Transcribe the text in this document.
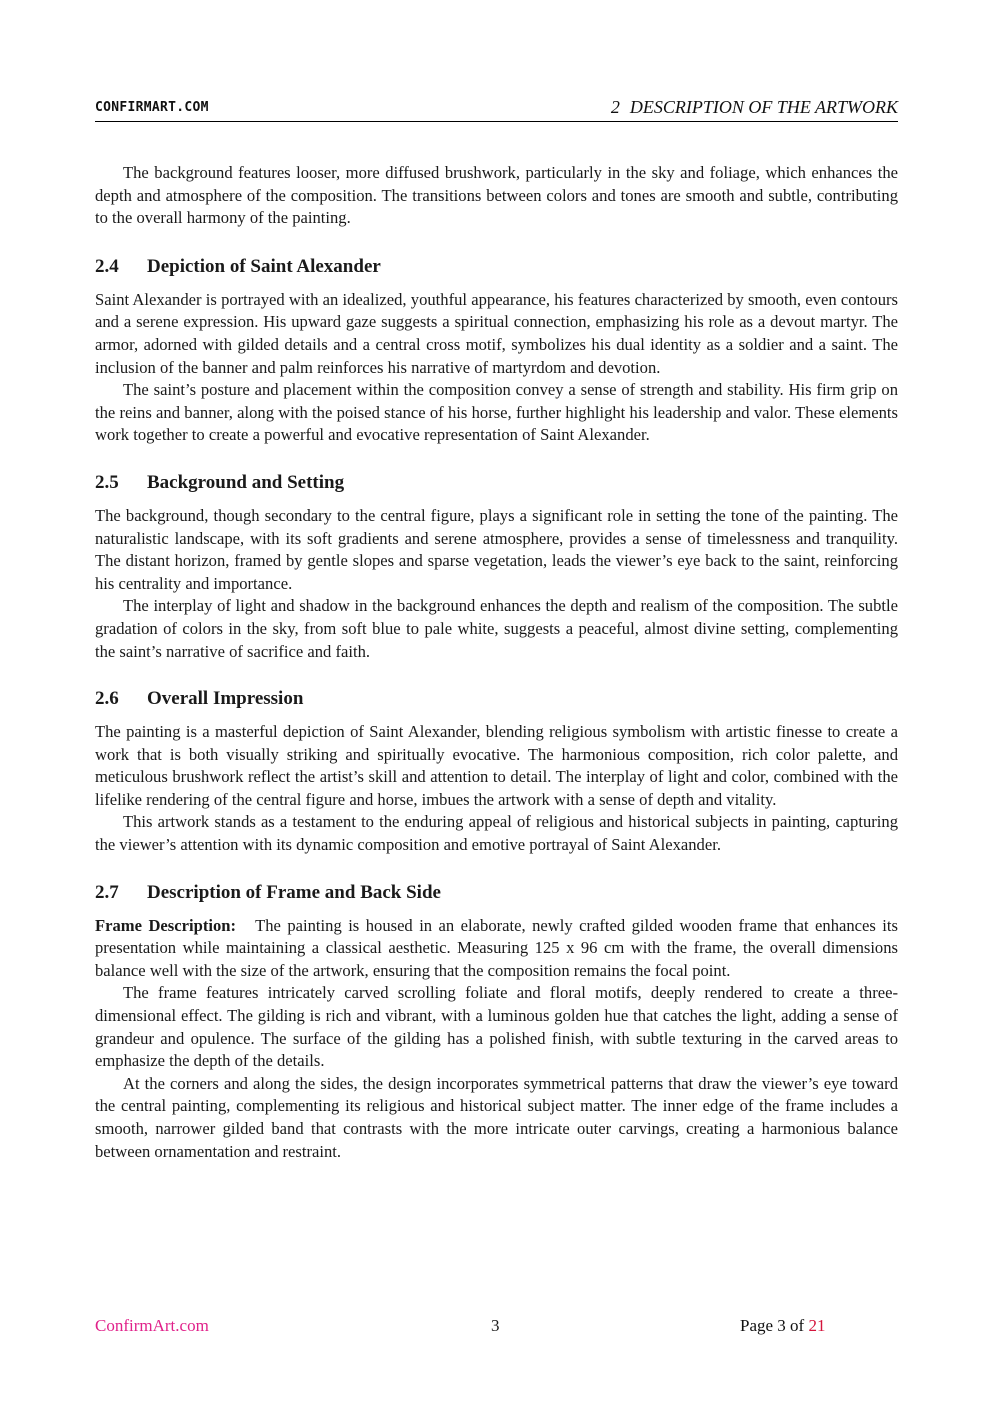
CONFIRMART.COM	2 DESCRIPTION OF THE ARTWORK

The background features looser, more diffused brushwork, particularly in the sky and foliage, which enhances the depth and atmosphere of the composition. The transitions between colors and tones are smooth and subtle, contributing to the overall harmony of the painting.

2.4 Depiction of Saint Alexander

Saint Alexander is portrayed with an idealized, youthful appearance, his features characterized by smooth, even contours and a serene expression. His upward gaze suggests a spiritual connection, emphasizing his role as a devout martyr. The armor, adorned with gilded details and a central cross motif, symbolizes his dual identity as a soldier and a saint. The inclusion of the banner and palm reinforces his narrative of martyrdom and devotion.

The saint’s posture and placement within the composition convey a sense of strength and stability. His firm grip on the reins and banner, along with the poised stance of his horse, further highlight his leadership and valor. These elements work together to create a powerful and evocative representation of Saint Alexander.

2.5 Background and Setting

The background, though secondary to the central figure, plays a significant role in setting the tone of the painting. The naturalistic landscape, with its soft gradients and serene atmosphere, provides a sense of timelessness and tranquility. The distant horizon, framed by gentle slopes and sparse vegetation, leads the viewer’s eye back to the saint, reinforcing his centrality and importance.

The interplay of light and shadow in the background enhances the depth and realism of the composition. The subtle gradation of colors in the sky, from soft blue to pale white, suggests a peaceful, almost divine setting, complementing the saint’s narrative of sacrifice and faith.

2.6 Overall Impression

The painting is a masterful depiction of Saint Alexander, blending religious symbolism with artistic finesse to create a work that is both visually striking and spiritually evocative. The harmonious composition, rich color palette, and meticulous brushwork reflect the artist’s skill and attention to detail. The interplay of light and color, combined with the lifelike rendering of the central figure and horse, imbues the artwork with a sense of depth and vitality.

This artwork stands as a testament to the enduring appeal of religious and historical subjects in painting, capturing the viewer’s attention with its dynamic composition and emotive portrayal of Saint Alexander.

2.7 Description of Frame and Back Side

Frame Description: The painting is housed in an elaborate, newly crafted gilded wooden frame that enhances its presentation while maintaining a classical aesthetic. Measuring 125 x 96 cm with the frame, the overall dimensions balance well with the size of the artwork, ensuring that the composition remains the focal point.

The frame features intricately carved scrolling foliate and floral motifs, deeply rendered to create a three-dimensional effect. The gilding is rich and vibrant, with a luminous golden hue that catches the light, adding a sense of grandeur and opulence. The surface of the gilding has a polished finish, with subtle texturing in the carved areas to emphasize the depth of the details.

At the corners and along the sides, the design incorporates symmetrical patterns that draw the viewer’s eye toward the central painting, complementing its religious and historical subject matter. The inner edge of the frame includes a smooth, narrower gilded band that contrasts with the more intricate outer carvings, creating a harmonious balance between ornamentation and restraint.

ConfirmArt.com	3	Page 3 of 21
